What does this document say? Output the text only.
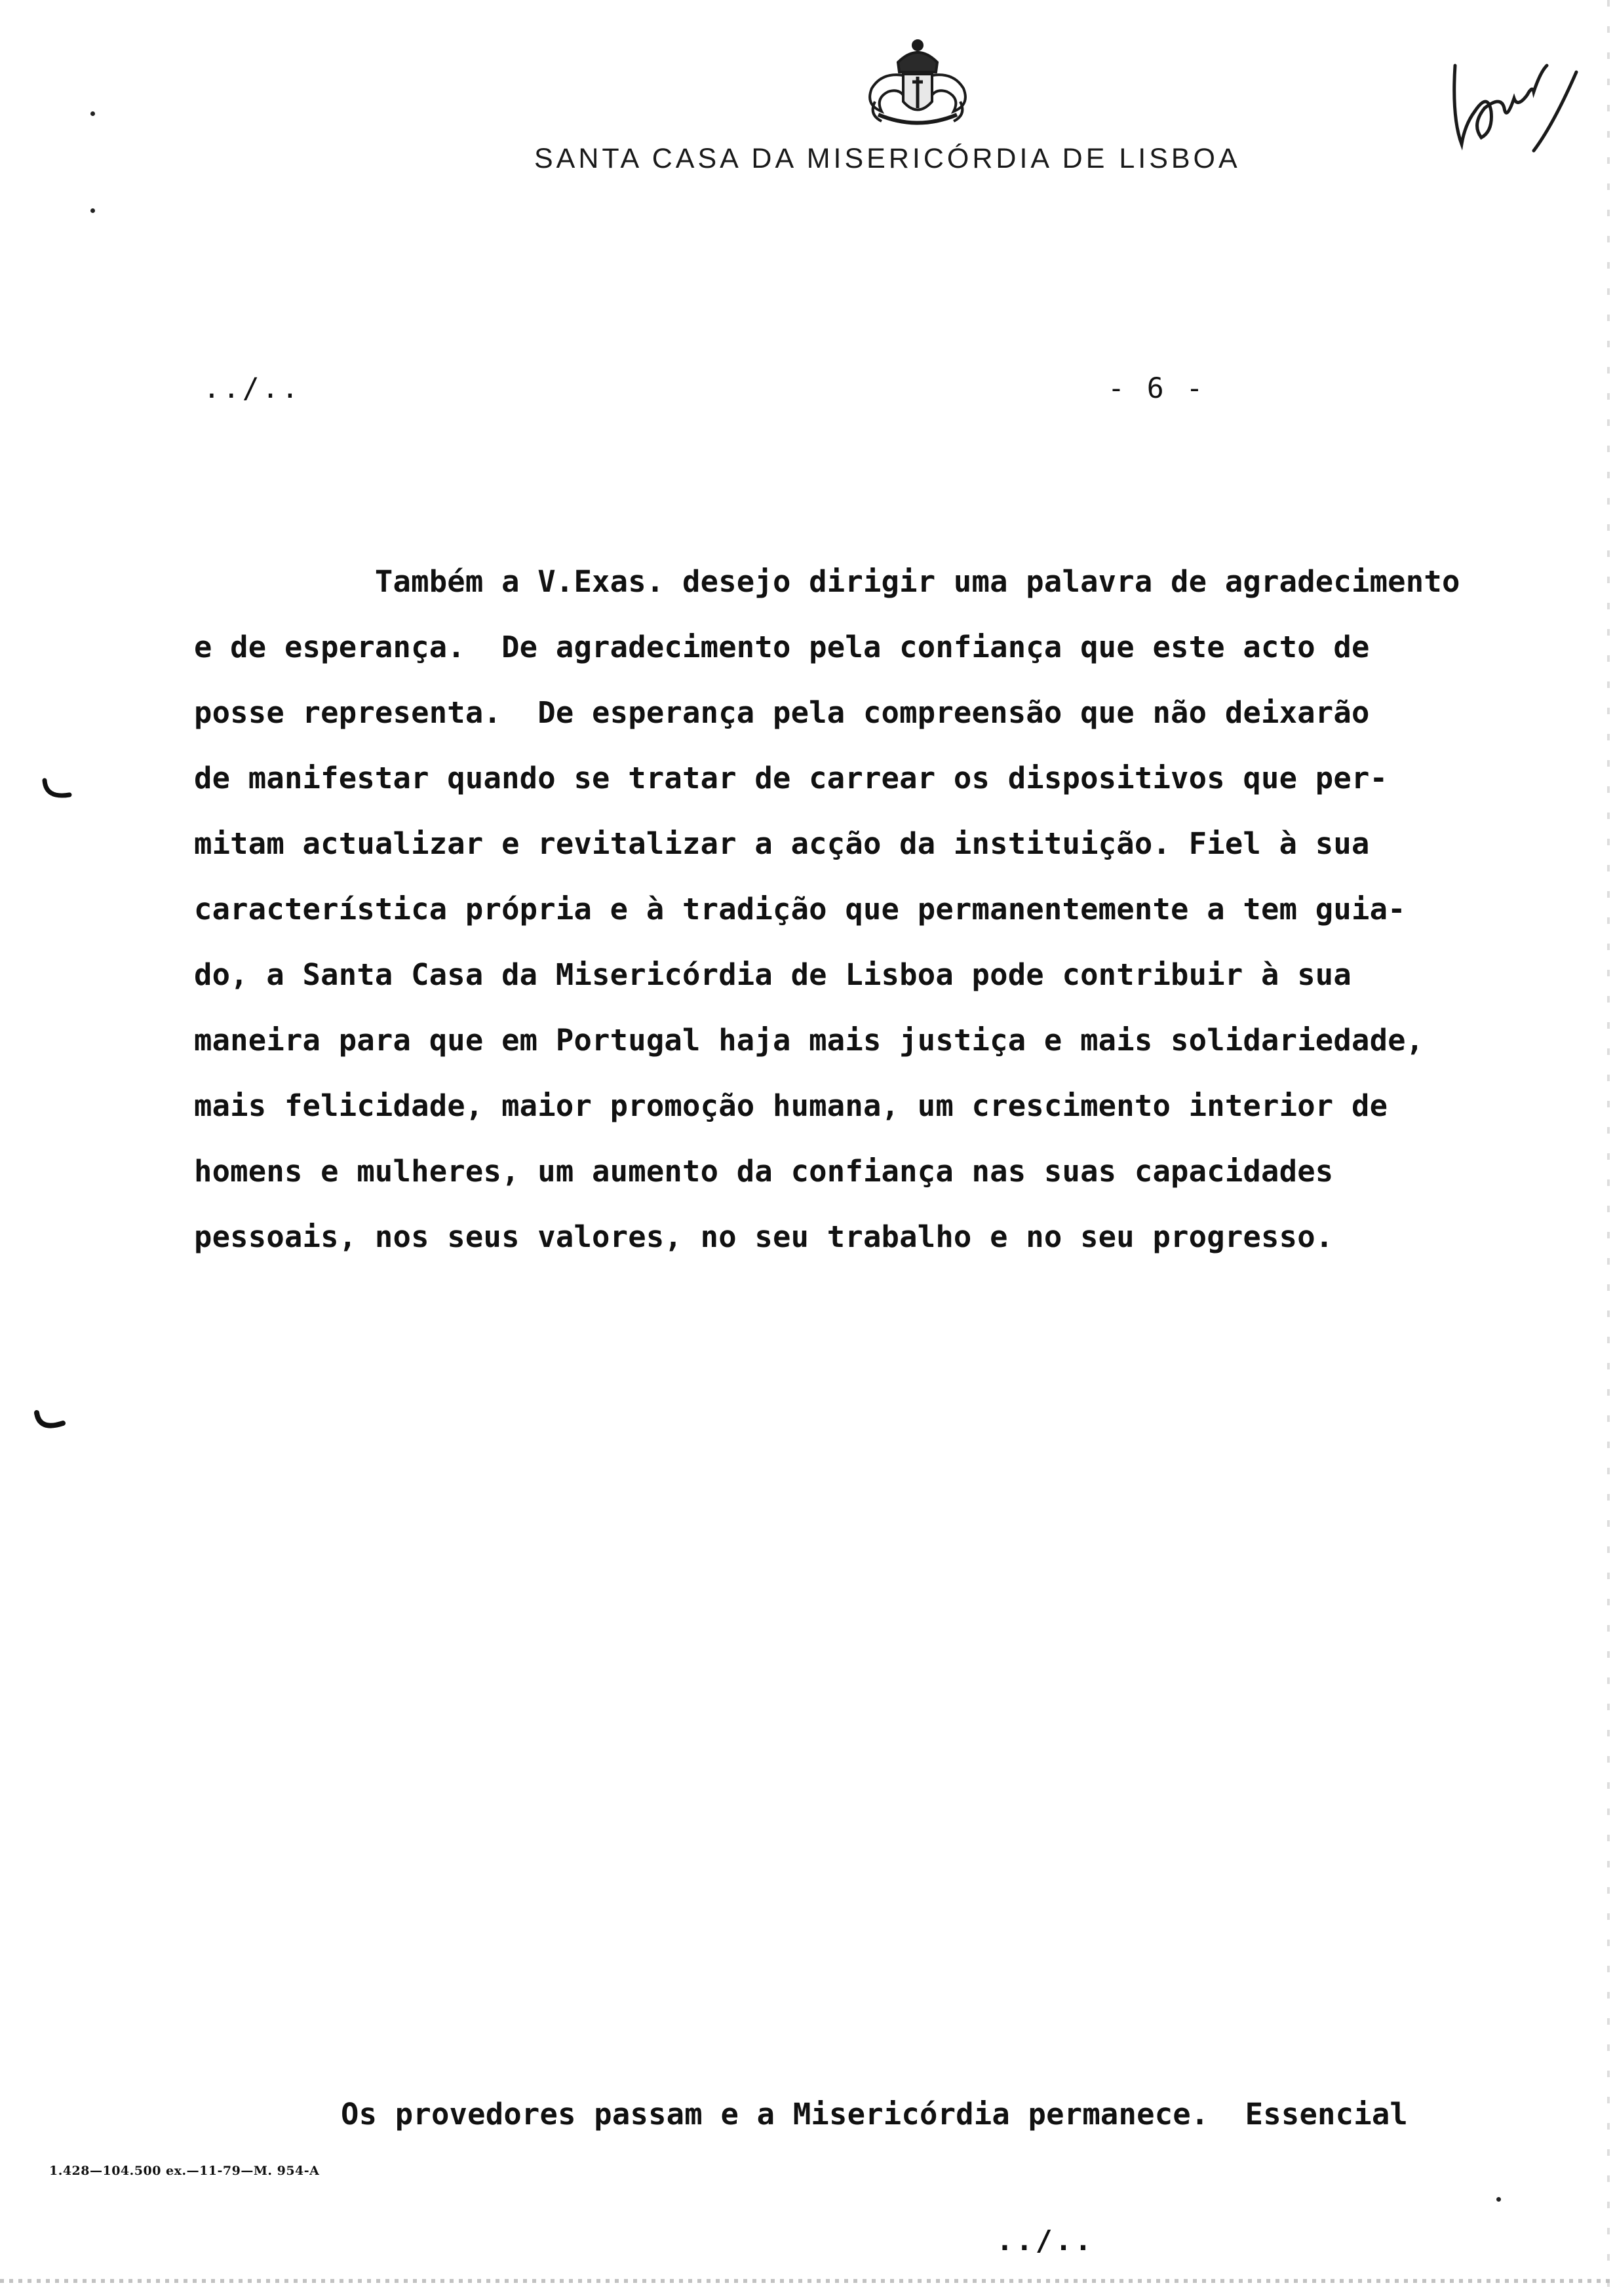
SANTA CASA DA MISERICÓRDIA DE LISBOA
../..	- 6 -
Também a V.Exas. desejo dirigir uma palavra de agradecimento
e de esperança.  De agradecimento pela confiança que este acto de
posse representa.  De esperança pela compreensão que não deixarão
de manifestar quando se tratar de carrear os dispositivos que per-
mitam actualizar e revitalizar a acção da instituição. Fiel à sua
característica própria e à tradição que permanentemente a tem guia-
do, a Santa Casa da Misericórdia de Lisboa pode contribuir à sua
maneira para que em Portugal haja mais justiça e mais solidariedade,
mais felicidade, maior promoção humana, um crescimento interior de
homens e mulheres, um aumento da confiança nas suas capacidades
pessoais, nos seus valores, no seu trabalho e no seu progresso.
Os provedores passam e a Misericórdia permanece.  Essencial
1.428—104.500 ex.—11-79—M. 954-A
../..
